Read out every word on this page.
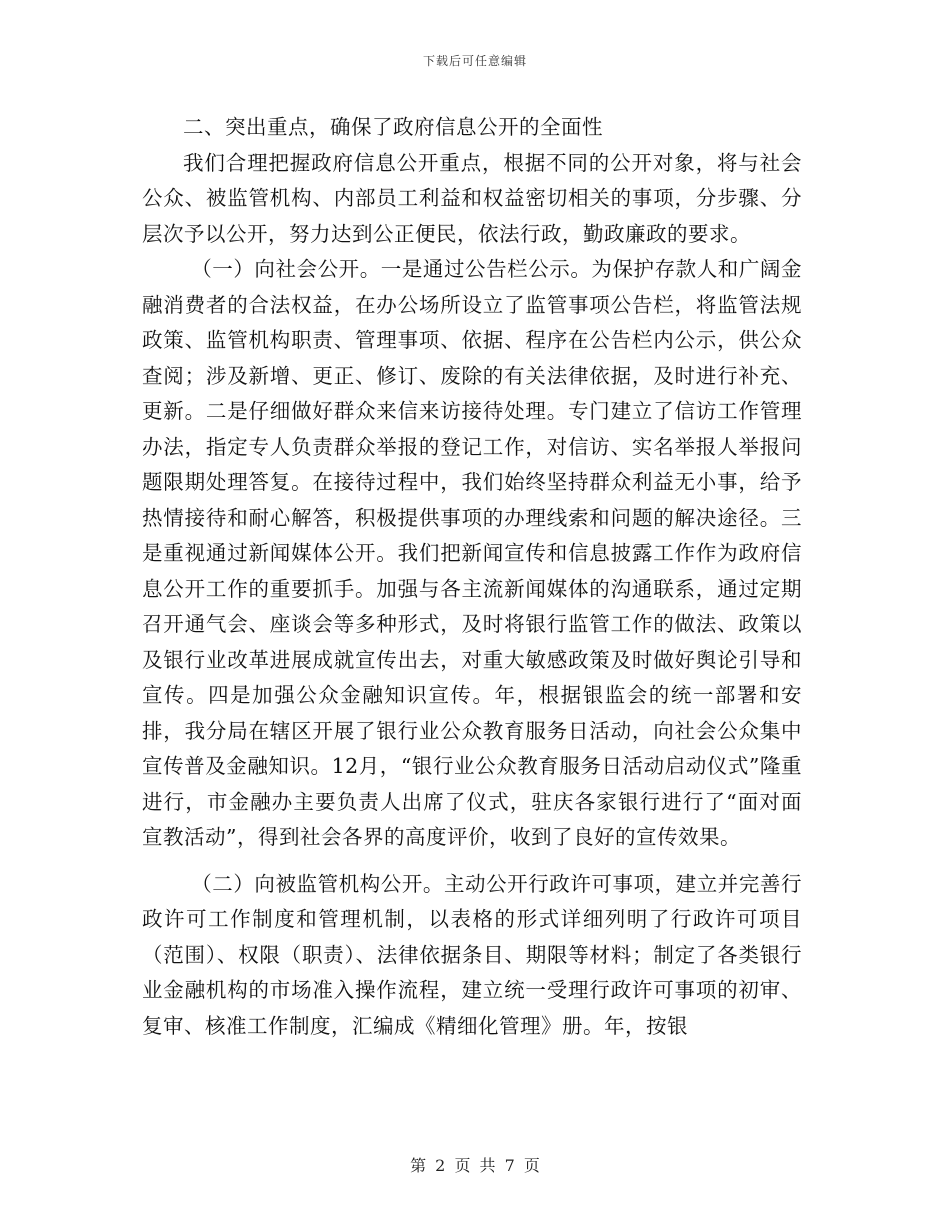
下载后可任意编辑

二、突出重点，确保了政府信息公开的全面性

我们合理把握政府信息公开重点，根据不同的公开对象，将与社会公众、被监管机构、内部员工利益和权益密切相关的事项，分步骤、分层次予以公开，努力达到公正便民，依法行政，勤政廉政的要求。

（一）向社会公开。一是通过公告栏公示。为保护存款人和广阔金融消费者的合法权益，在办公场所设立了监管事项公告栏，将监管法规政策、监管机构职责、管理事项、依据、程序在公告栏内公示，供公众查阅；涉及新增、更正、修订、废除的有关法律依据，及时进行补充、更新。二是仔细做好群众来信来访接待处理。专门建立了信访工作管理办法，指定专人负责群众举报的登记工作，对信访、实名举报人举报问题限期处理答复。在接待过程中，我们始终坚持群众利益无小事，给予热情接待和耐心解答，积极提供事项的办理线索和问题的解决途径。三是重视通过新闻媒体公开。我们把新闻宣传和信息披露工作作为政府信息公开工作的重要抓手。加强与各主流新闻媒体的沟通联系，通过定期召开通气会、座谈会等多种形式，及时将银行监管工作的做法、政策以及银行业改革进展成就宣传出去，对重大敏感政策及时做好舆论引导和宣传。四是加强公众金融知识宣传。年，根据银监会的统一部署和安排，我分局在辖区开展了银行业公众教育服务日活动，向社会公众集中宣传普及金融知识。12月，“银行业公众教育服务日活动启动仪式”隆重进行，市金融办主要负责人出席了仪式，驻庆各家银行进行了“面对面宣教活动”，得到社会各界的高度评价，收到了良好的宣传效果。

（二）向被监管机构公开。主动公开行政许可事项，建立并完善行政许可工作制度和管理机制，以表格的形式详细列明了行政许可项目（范围）、权限（职责）、法律依据条目、期限等材料；制定了各类银行业金融机构的市场准入操作流程，建立统一受理行政许可事项的初审、复审、核准工作制度，汇编成《精细化管理》册。年，按银

第 2 页 共 7 页
